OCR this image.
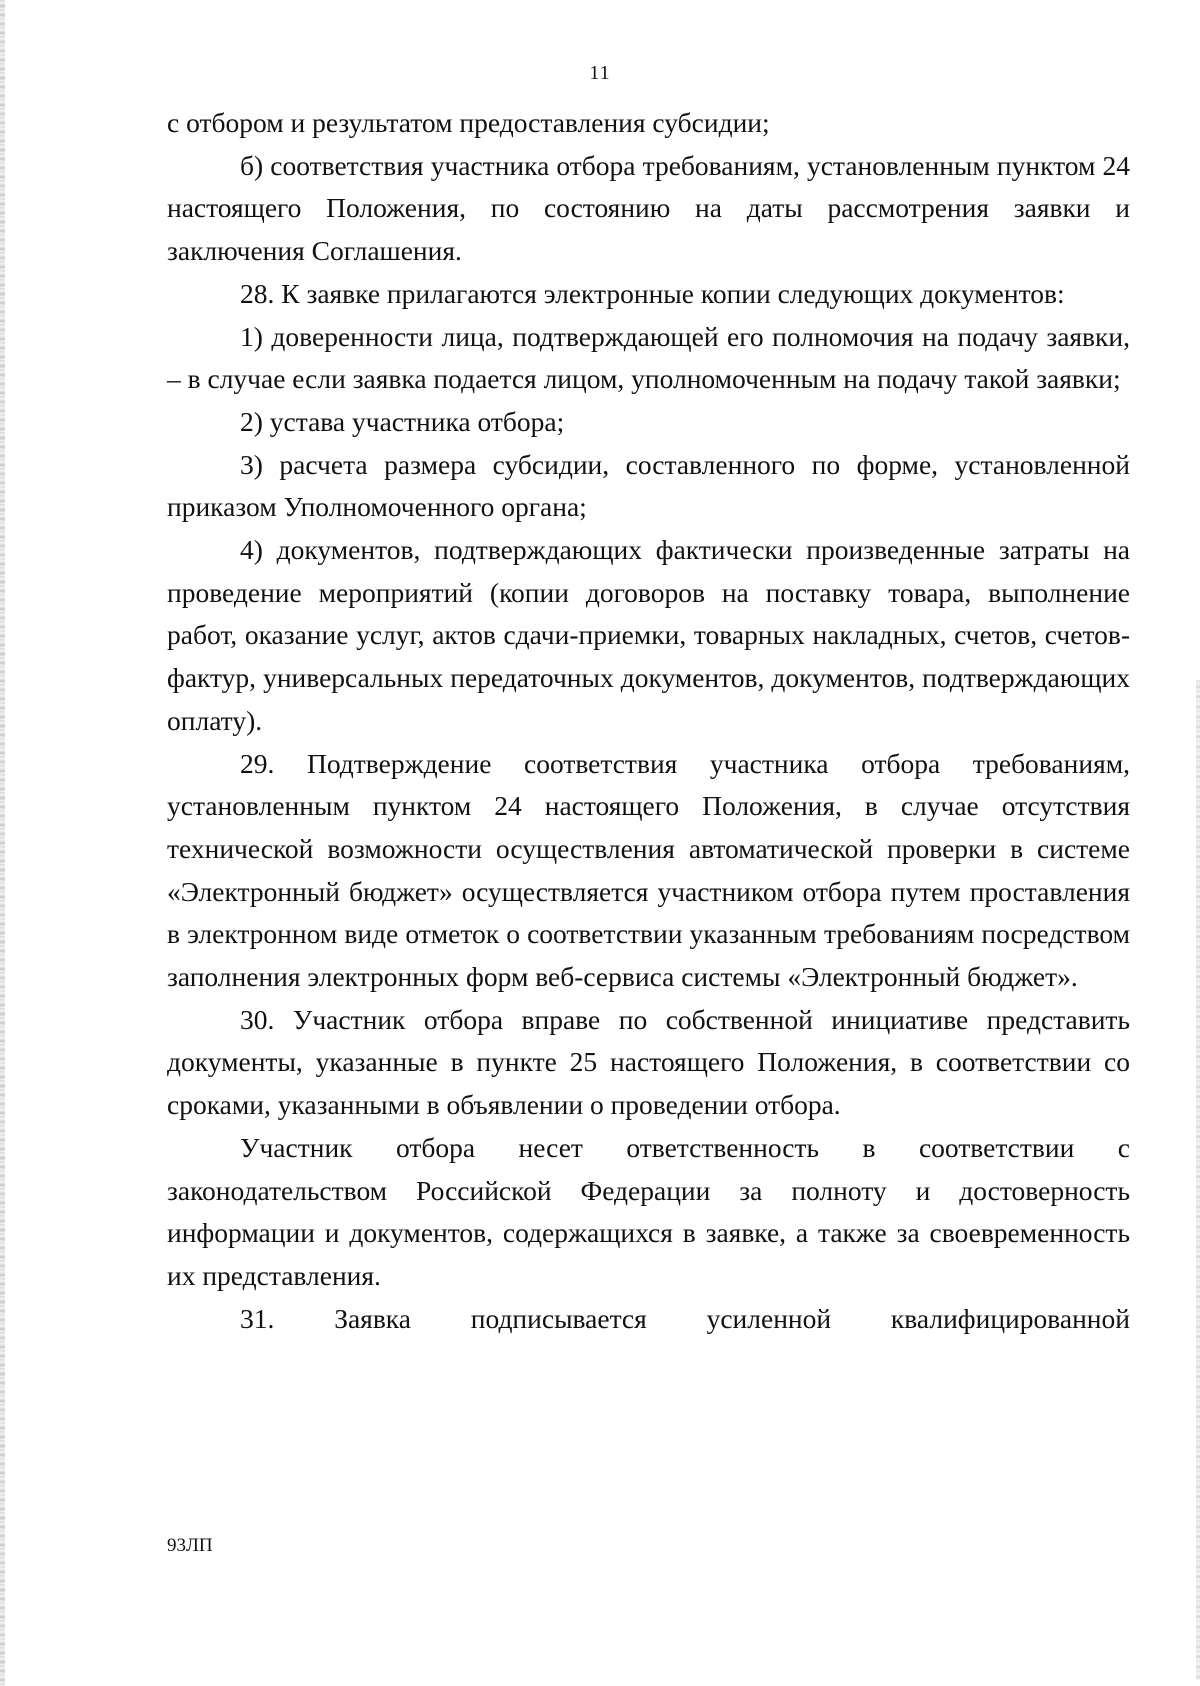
11

с отбором и результатом предоставления субсидии;

б) соответствия участника отбора требованиям, установленным пунктом 24 настоящего Положения, по состоянию на даты рассмотрения заявки и заключения Соглашения.

28. К заявке прилагаются электронные копии следующих документов:

1) доверенности лица, подтверждающей его полномочия на подачу заявки, – в случае если заявка подается лицом, уполномоченным на подачу такой заявки;

2) устава участника отбора;

3) расчета размера субсидии, составленного по форме, установленной приказом Уполномоченного органа;

4) документов, подтверждающих фактически произведенные затраты на проведение мероприятий (копии договоров на поставку товара, выполнение работ, оказание услуг, актов сдачи-приемки, товарных накладных, счетов, счетов-фактур, универсальных передаточных документов, документов, подтверждающих оплату).

29. Подтверждение соответствия участника отбора требованиям, установленным пунктом 24 настоящего Положения, в случае отсутствия технической возможности осуществления автоматической проверки в системе «Электронный бюджет» осуществляется участником отбора путем проставления в электронном виде отметок о соответствии указанным требованиям посредством заполнения электронных форм веб-сервиса системы «Электронный бюджет».

30. Участник отбора вправе по собственной инициативе представить документы, указанные в пункте 25 настоящего Положения, в соответствии со сроками, указанными в объявлении о проведении отбора.

Участник отбора несет ответственность в соответствии с законодательством Российской Федерации за полноту и достоверность информации и документов, содержащихся в заявке, а также за своевременность их представления.

31. Заявка подписывается усиленной квалифицированной

93ЛП
